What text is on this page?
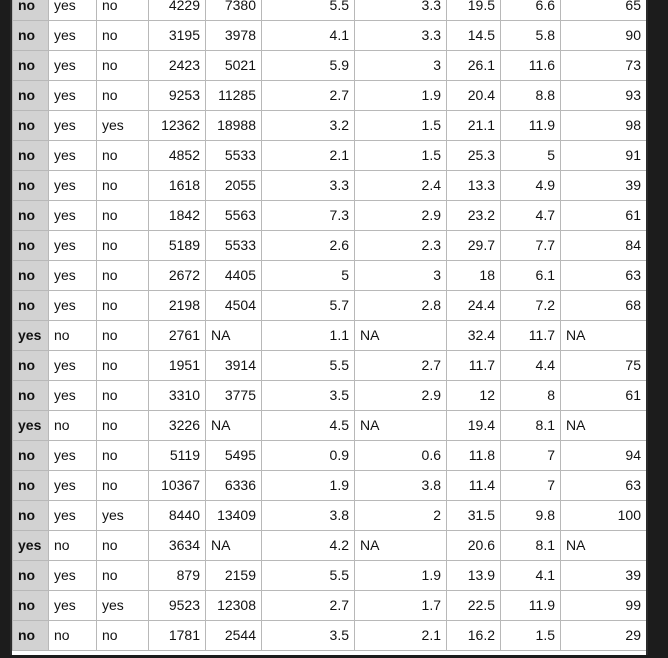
no	yes	no	4229	7380	5.5	3.3	19.5	6.6	65
no	yes	no	3195	3978	4.1	3.3	14.5	5.8	90
no	yes	no	2423	5021	5.9	3	26.1	11.6	73
no	yes	no	9253	11285	2.7	1.9	20.4	8.8	93
no	yes	yes	12362	18988	3.2	1.5	21.1	11.9	98
no	yes	no	4852	5533	2.1	1.5	25.3	5	91
no	yes	no	1618	2055	3.3	2.4	13.3	4.9	39
no	yes	no	1842	5563	7.3	2.9	23.2	4.7	61
no	yes	no	5189	5533	2.6	2.3	29.7	7.7	84
no	yes	no	2672	4405	5	3	18	6.1	63
no	yes	no	2198	4504	5.7	2.8	24.4	7.2	68
yes	no	no	2761	NA	1.1	NA	32.4	11.7	NA
no	yes	no	1951	3914	5.5	2.7	11.7	4.4	75
no	yes	no	3310	3775	3.5	2.9	12	8	61
yes	no	no	3226	NA	4.5	NA	19.4	8.1	NA
no	yes	no	5119	5495	0.9	0.6	11.8	7	94
no	yes	no	10367	6336	1.9	3.8	11.4	7	63
no	yes	yes	8440	13409	3.8	2	31.5	9.8	100
yes	no	no	3634	NA	4.2	NA	20.6	8.1	NA
no	yes	no	879	2159	5.5	1.9	13.9	4.1	39
no	yes	yes	9523	12308	2.7	1.7	22.5	11.9	99
no	no	no	1781	2544	3.5	2.1	16.2	1.5	29
